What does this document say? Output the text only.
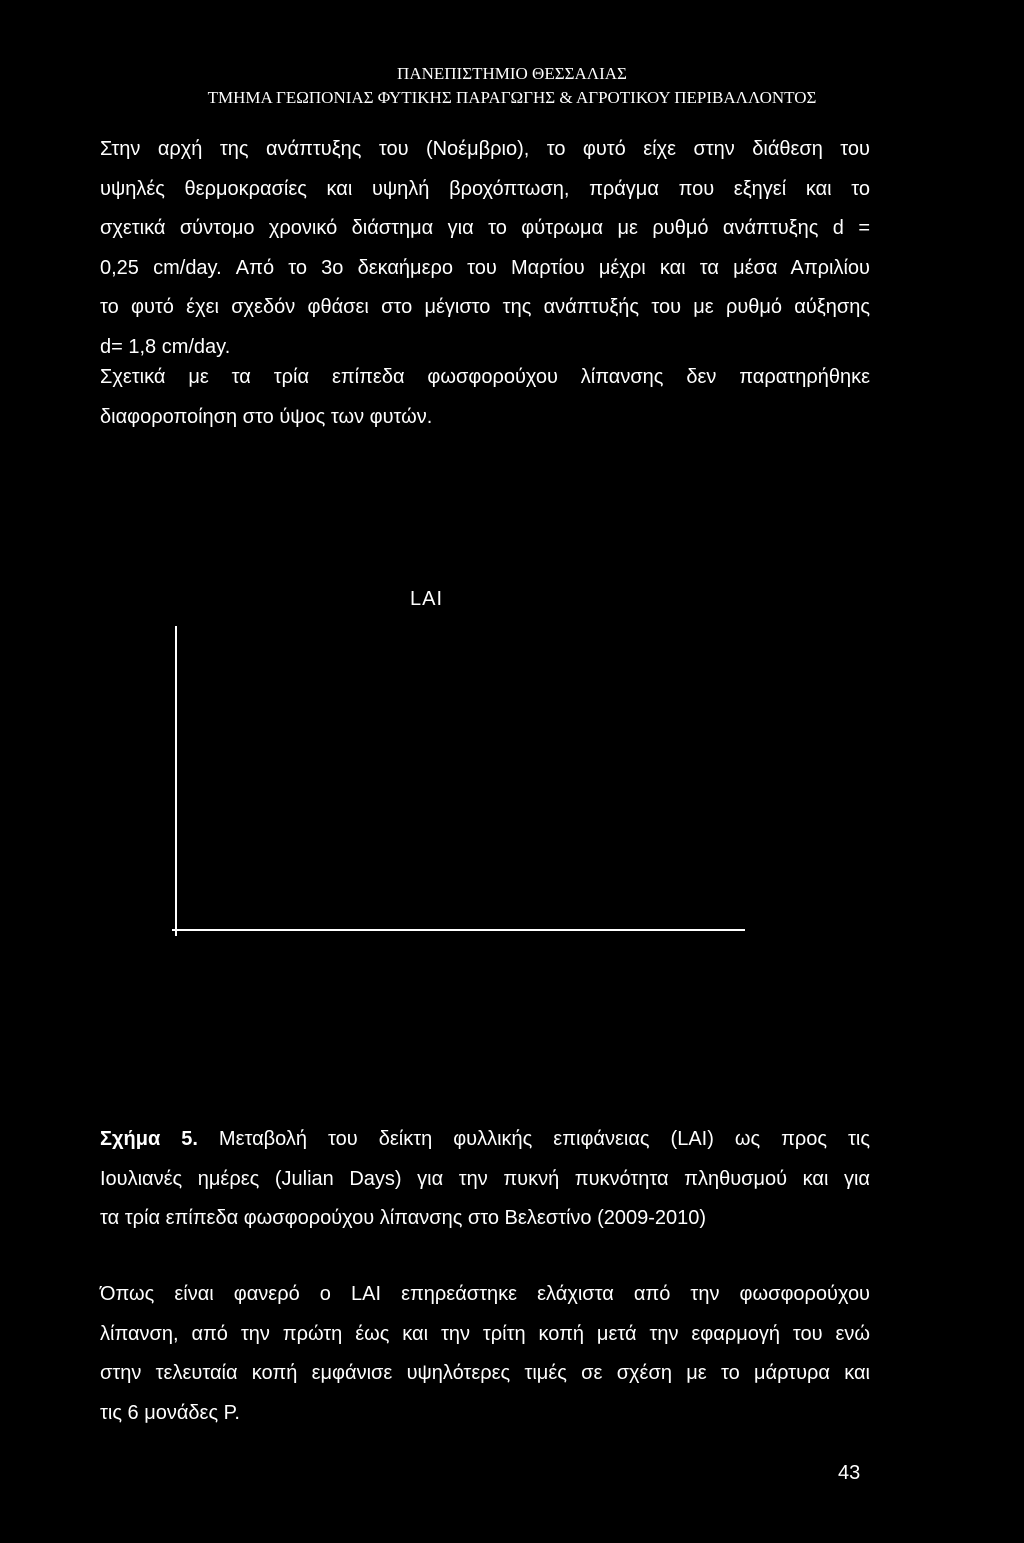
ΠΑΝΕΠΙΣΤΗΜΙΟ ΘΕΣΣΑΛΙΑΣ
ΤΜΗΜΑ ΓΕΩΠΟΝΙΑΣ ΦΥΤΙΚΗΣ ΠΑΡΑΓΩΓΗΣ & ΑΓΡΟΤΙΚΟΥ ΠΕΡΙΒΑΛΛΟΝΤΟΣ
Στην αρχή της ανάπτυξης του (Νοέμβριο), το φυτό είχε στην διάθεση του
υψηλές θερμοκρασίες και υψηλή βροχόπτωση, πράγμα που εξηγεί και το
σχετικά σύντομο χρονικό διάστημα για το φύτρωμα με ρυθμό ανάπτυξης d =
0,25 cm/day. Από το 3ο δεκαήμερο του Μαρτίου μέχρι και τα μέσα Απριλίου
το φυτό έχει σχεδόν φθάσει στο μέγιστο της ανάπτυξής του με ρυθμό αύξησης
d= 1,8 cm/day.
Σχετικά με τα τρία επίπεδα φωσφορούχου λίπανσης δεν παρατηρήθηκε
διαφοροποίηση στο ύψος των φυτών.
LAI
Σχήμα 5. Μεταβολή του δείκτη φυλλικής επιφάνειας (LAI) ως προς τις
Ιουλιανές ημέρες (Julian Days) για την πυκνή πυκνότητα πληθυσμού και για
τα τρία επίπεδα φωσφορούχου λίπανσης στο Βελεστίνο (2009-2010)
Όπως είναι φανερό ο LAI επηρεάστηκε ελάχιστα από την φωσφορούχου
λίπανση, από την πρώτη έως και την τρίτη κοπή μετά την εφαρμογή του ενώ
στην τελευταία κοπή εμφάνισε υψηλότερες τιμές σε σχέση με το μάρτυρα και
τις 6 μονάδες P.
43
